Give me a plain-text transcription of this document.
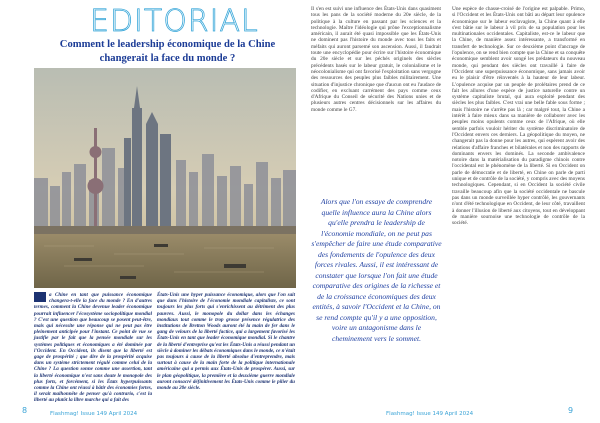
EDITORIAL
Comment le leadership économique de la Chine changerait la face du monde ?
a Chine en tant que puissance économique changera-t-elle la face du monde ? En d'autres termes, comment la Chine devenue leader économique pourrait influencer l'écosystème sociopolitique mondial ? C'est une question que beaucoup se posent peut-être, mais qui nécessite une réponse qui ne peut pas être pleinement anticipée pour l'instant. Ce point de vue se justifie par le fait que la pensée mondiale sur les systèmes politiques et économiques a été dominée par l'Occident. En Occident, ils disent que la liberté est gage de prospérité ; que dire de la prospérité acquise dans un système strictement régulé comme celui de la Chine ? La question sonne comme une assertion, tant la liberté économique n'est sans doute le monopole des plus forts, et forcément, si les États hyperpuissants comme la Chine ont réussi à bâtir des économies fortes, il serait malhonnête de penser qu'à contrario, c'est la liberté au plutôt la libre marche qui a fait des
États-Unis une hyper puissance économique, alors que l'on sait que dans l'histoire de l'économie mondiale capitaliste, ce sont toujours les plus forts qui s'enrichissent au détriment des plus pauvres. Aussi, le monopole du dollar dans les échanges mondiaux tout comme le trop grosse présence régulatrice des institutions de Bretton Woods auront été la main de fer dans le gang de velours de la liberté factice, qui a largement favorisé les États-Unis en tant que leader économique mondial. Si le chantre de la liberté d'entreprise qu'est les États-Unis a réussi pendant un siècle à dominer les débats économiques dans le monde, ce n'était pas toujours à cause de la liberté absolue d'entreprendre, mais surtout à cause de la main forte de la politique internationale américaine qui a permis aux États-Unis de prospérer. Aussi, sur le plan géopolitique, la première et la deuxième guerre mondiale auront consacré définitivement les États-Unis comme le pilier du monde au 20e siècle.
Il s'en est suivi une influence des États-Unis dans quasiment tous les pans de la société moderne du 20e siècle, de la politique à la culture en passant par les sciences et la technologie. Maître l'idéologie qui prône l'exceptionnalisme américain, il aurait été quasi impossible que les États-Unis ne dominent pas l'histoire du monde avec tous les faits et méfaits qui auront parsemé son ascension. Aussi, il faudrait toute une encyclopédie pour écrire sur l'histoire économique du 20e siècle et sur les péchés originels des siècles précédents basés sur le labeur gratuit, le colonialisme et le néocolonialisme qui ont favorisé l'exploitation sans vergogne des ressources des peuples plus faibles militairement. Une situation d'injustice chronique que d'aucun ont eu l'audace de codifier, en excluant carrément des pays comme ceux d'Afrique du Conseil de sécurité des Nations unies et de plusieurs autres centres décisionnels sur les affaires du monde comme le G7.
Alors que l'on essaye de comprendre quelle influence aura la Chine alors qu'elle prendra le leadership de l'économie mondiale, on ne peut pas s'empêcher de faire une étude comparative des fondements de l'opulence des deux forces rivales. Aussi, il est intéressant de constater que lorsque l'on fait une étude comparative des origines de la richesse et de la croissance économiques des deux entités, à savoir l'Occident et la Chine, on se rend compte qu'il y a une opposition, voire un antagonisme dans le cheminement vers le sommet.
Une espèce de chasse-croisé de l'origine est palpable. Primo, si l'Occident et les États-Unis ont bâti au départ leur opulence économique sur le labeur esclavagiste, la Chine quant à elle s'est bâtie sur le labeur à vil prix de sa population pour les multinationales occidentales. Capitaliste, est-ce le labeur que la Chine, de manière assez intéressante, a transformé en transfert de technologie. Sur ce deuxième point d'ancrage de l'opulence, on se rend bien compte que la Chine et sa conquête économique semblent avoir songé les prédateurs du nouveau monde, qui pendant des siècles ont travaillé à faire de l'Occident une superpuissance économique, sans jamais avoir eu le plaisir d'être réinventés à la hauteur de leur labeur. L'opulence acquise par un peuple de prolétaires prend de ce fait les allures d'une espèce de justice naturelle contre un système capitaliste brutal, qui aura exploité pendant des siècles les plus faibles. C'est vrai une belle fable sous forme ; mais l'histoire ne s'arrête pas là ; car malgré tout, la Chine a intérêt à faire mieux dans sa manière de collaborer avec les peuples moins opulents comme ceux de l'Afrique, où elle semble parfois vouloir hériter du système discriminatoire de l'Occident envers ces derniers. La géopolitique du moyen, ne changerait pas la donne pour les autres, qui espèrent avoir des relations d'affaire franches et bilatérales et non des rapports de dominants envers les dominés. La seconde ambivalence notoire dans la matérialisation du paradigme chinois contre l'occidental est le phénomène de la liberté. Si en Occident on parle de démocratie et de liberté, en Chine on parle de parti unique et de contrôle de la société, y compris avec des moyens technologiques. Cependant, si en Occident la société civile travaille beaucoup afin que la société occidentale ne bascule pas dans un monde surveillée hyper contrôlé, les gouvernants n'ont d'été technologique en Occident, de leur côté, travaillent à donner l'illusion de liberté aux citoyens, tout en développant de manière sournoise une technologie de contrôle de la société.
8	Flashmag! Issue 149 April 2024	Flashmag! Issue 149 April 2024	9
